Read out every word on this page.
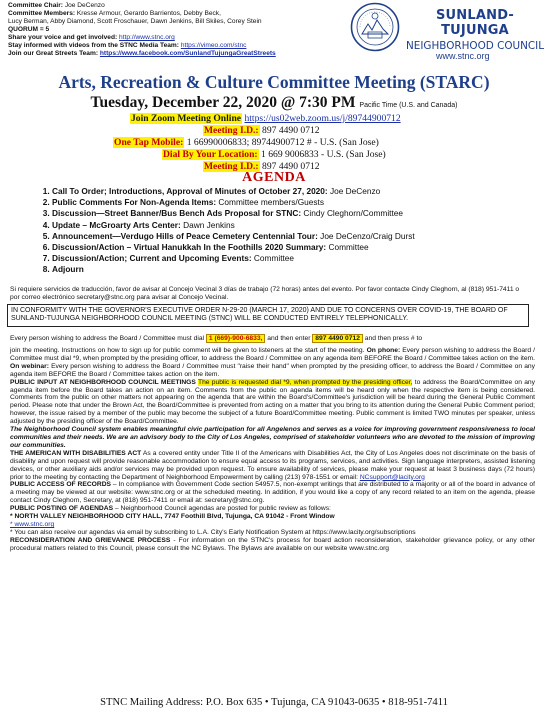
Committee Chair: Joe DeCenzo
Committee Members: Kresse Armour, Gerardo Barrientos, Debby Beck,
Lucy Berman, Abby Diamond, Scott Froschauer, Dawn Jenkins, Bill Skiles, Corey Stein
QUORUM = 5
Share your voice and get involved: http://www.stnc.org
Stay informed with videos from the STNC Media Team: https://vimeo.com/stnc
Join our Great Streets Team: https://www.facebook.com/SunlandTujungaGreatStreets
SUNLAND-TUJUNGA
NEIGHBORHOOD COUNCIL
www.stnc.org
Arts, Recreation & Culture Committee Meeting (STARC)
Tuesday, December 22, 2020 @ 7:30 PM Pacific Time (U.S. and Canada)
Join Zoom Meeting Online https://us02web.zoom.us/j/89744900712
Meeting I.D.: 897 4490 0712
One Tap Mobile: 1 66990006833; 89744900712 # - U.S. (San Jose)
Dial By Your Location: 1 669 9006833 - U.S. (San Jose)
Meeting I.D.: 897 4490 0712
AGENDA
1. Call To Order; Introductions, Approval of Minutes of October 27, 2020: Joe DeCenzo
2. Public Comments For Non-Agenda Items: Committee members/Guests
3. Discussion—Street Banner/Bus Bench Ads Proposal for STNC: Cindy Cleghorn/Committee
4. Update – McGroarty Arts Center: Dawn Jenkins
5. Announcement—Verdugo Hills of Peace Cemetery Centennial Tour: Joe DeCenzo/Craig Durst
6. Discussion/Action – Virtual Hanukkah In the Foothills 2020 Summary: Committee
7. Discussion/Action; Current and Upcoming Events: Committee
8. Adjourn
Si requiere servicios de traducción, favor de avisar al Concejo Vecinal 3 días de trabajo (72 horas) antes del evento. Por favor contacte Cindy Cleghorn, al (818) 951-7411 o por correo electrónico secretary@stnc.org para avisar al Concejo Vecinal.
IN CONFORMITY WITH THE GOVERNOR'S EXECUTIVE ORDER N-29-20 (MARCH 17, 2020) AND DUE TO CONCERNS OVER COVID-19, THE BOARD OF SUNLAND-TUJUNGA NEIGHBORHOOD COUNCIL MEETING (STNC) WILL BE CONDUCTED ENTIRELY TELEPHONICALLY.
Every person wishing to address the Board / Committee must dial 1 (669)-900-6833, and then enter 897 4490 0712 and then press # to

join the meeting. Instructions on how to sign up for public comment will be given to listeners at the start of the meeting. On phone: Every person wishing to address the Board / Committee must dial *9, when prompted by the presiding officer, to address the Board / Committee on any agenda item BEFORE the Board / Committee takes action on the item. On webinar: Every person wishing to address the Board / Committee must "raise their hand" when prompted by the presiding officer, to address the Board / Committee on any agenda item BEFORE the Board / Committee takes action on the item.

PUBLIC INPUT AT NEIGHBORHOOD COUNCIL MEETINGS The public is requested dial *9, when prompted by the presiding officer, to address the Board/Committee on any agenda item before the Board takes an action on an item. Comments from the public on agenda items will be heard only when the respective item is being considered. Comments from the public on other matters not appearing on the agenda that are within the Board's/Committee's jurisdiction will be heard during the General Public Comment period. Please note that under the Brown Act, the Board/Committee is prevented from acting on a matter that you bring to its attention during the General Public Comment period; however, the issue raised by a member of the public may become the subject of a future Board/Committee meeting. Public comment is limited TWO minutes per speaker, unless adjusted by the presiding officer of the Board/Committee.

The Neighborhood Council system enables meaningful civic participation for all Angelenos and serves as a voice for improving government responsiveness to local communities and their needs. We are an advisory body to the City of Los Angeles, comprised of stakeholder volunteers who are devoted to the mission of improving our communities.

THE AMERICAN WITH DISABILITIES ACT As a covered entity under Title II of the Americans with Disabilities Act, the City of Los Angeles does not discriminate on the basis of disability and upon request will provide reasonable accommodation to ensure equal access to its programs, services, and activities. Sign language interpreters, assisted listening devices, or other auxiliary aids and/or services may be provided upon request. To ensure availability of services, please make your request at least 3 business days (72 hours) prior to the meeting by contacting the Department of Neighborhood Empowerment by calling (213) 978-1551 or email: NCsupport@lacity.org

PUBLIC ACCESS OF RECORDS – In compliance with Government Code section 54957.5, non-exempt writings that are distributed to a majority or all of the board in advance of a meeting may be viewed at our website: www.stnc.org or at the scheduled meeting. In addition, if you would like a copy of any record related to an item on the agenda, please contact Cindy Cleghorn, Secretary, at (818) 951-7411 or email at: secretary@stnc.org.

PUBLIC POSTING OF AGENDAS – Neighborhood Council agendas are posted for public review as follows:

* NORTH VALLEY NEIGHBORHOOD CITY HALL, 7747 Foothill Blvd, Tujunga, CA 91042 - Front Window

* www.stnc.org

* You can also receive our agendas via email by subscribing to L.A. City's Early Notification System at https://www.lacity.org/subscriptions

RECONSIDERATION AND GRIEVANCE PROCESS - For information on the STNC's process for board action reconsideration, stakeholder grievance policy, or any other procedural matters related to this Council, please consult the NC Bylaws. The Bylaws are available on our website www.stnc.org

STNC Mailing Address: P.O. Box 635 • Tujunga, CA 91043-0635 • 818-951-7411
